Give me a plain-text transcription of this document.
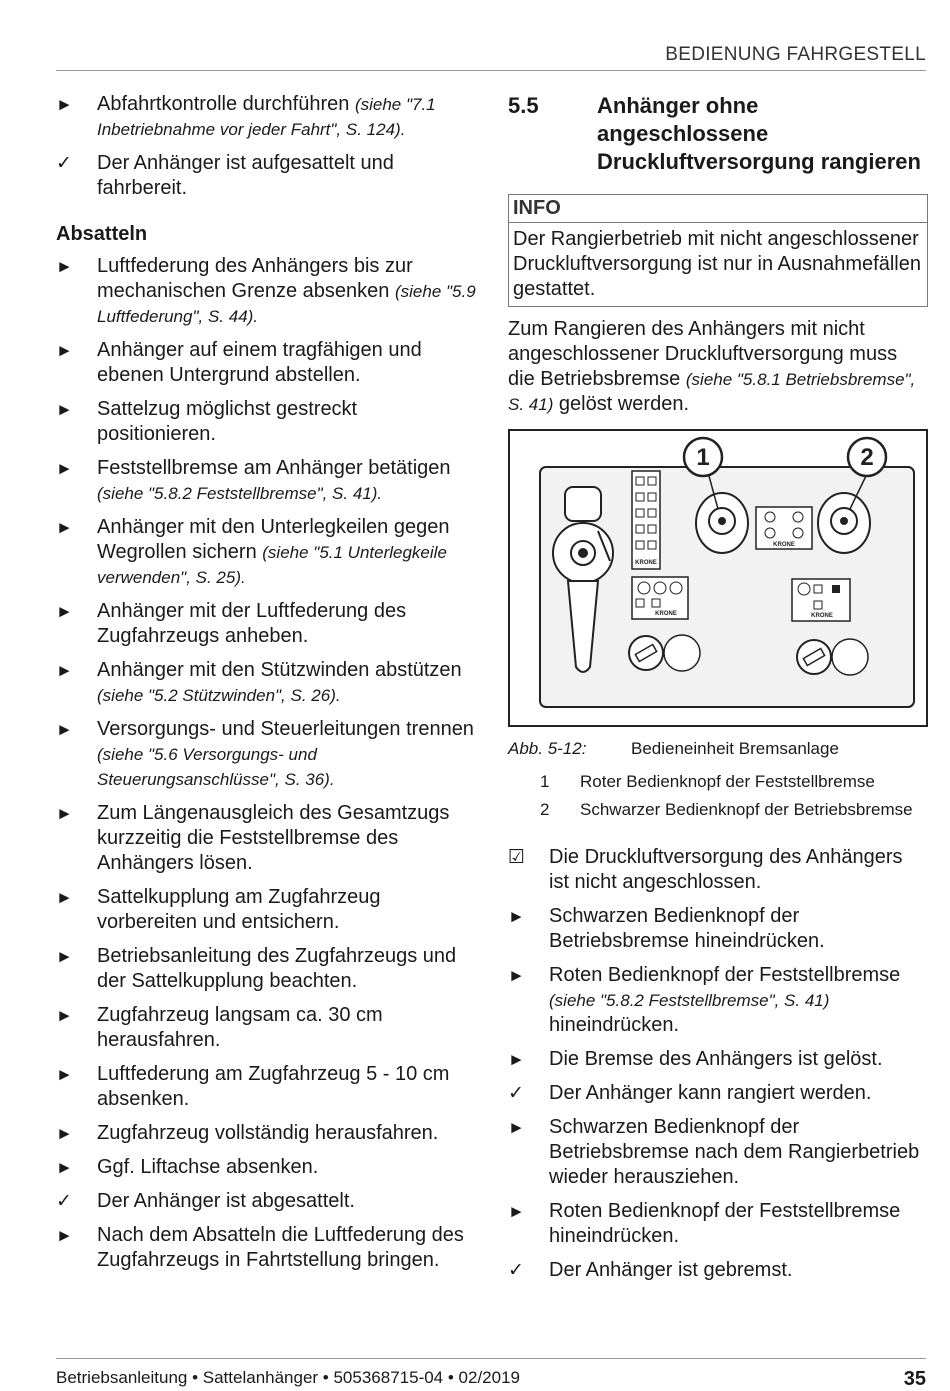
BEDIENUNG FAHRGESTELL
►	Abfahrtkontrolle durchführen (siehe "7.1 Inbetriebnahme vor jeder Fahrt", S. 124).
✓	Der Anhänger ist aufgesattelt und fahrbereit.
Absatteln
►	Luftfederung des Anhängers bis zur mechanischen Grenze absenken (siehe "5.9 Luftfederung", S. 44).
►	Anhänger auf einem tragfähigen und ebenen Untergrund abstellen.
►	Sattelzug möglichst gestreckt positionieren.
►	Feststellbremse am Anhänger betätigen (siehe "5.8.2 Feststellbremse", S. 41).
►	Anhänger mit den Unterlegkeilen gegen Wegrollen sichern (siehe "5.1 Unterlegkeile verwenden", S. 25).
►	Anhänger mit der Luftfederung des Zugfahrzeugs anheben.
►	Anhänger mit den Stützwinden abstützen (siehe "5.2 Stützwinden", S. 26).
►	Versorgungs- und Steuerleitungen trennen (siehe "5.6 Versorgungs- und Steuerungsanschlüsse", S. 36).
►	Zum Längenausgleich des Gesamtzugs kurzzeitig die Feststellbremse des Anhängers lösen.
►	Sattelkupplung am Zugfahrzeug vorbereiten und entsichern.
►	Betriebsanleitung des Zugfahrzeugs und der Sattelkupplung beachten.
►	Zugfahrzeug langsam ca. 30 cm herausfahren.
►	Luftfederung am Zugfahrzeug 5 - 10 cm absenken.
►	Zugfahrzeug vollständig herausfahren.
►	Ggf. Liftachse absenken.
✓	Der Anhänger ist abgesattelt.
►	Nach dem Absatteln die Luftfederung des Zugfahrzeugs in Fahrtstellung bringen.
5.5	Anhänger ohne angeschlossene Druckluftversorgung rangieren
INFO
Der Rangierbetrieb mit nicht angeschlossener Druckluftversorgung ist nur in Ausnahmefällen gestattet.
Zum Rangieren des Anhängers mit nicht angeschlossener Druckluftversorgung muss die Betriebsbremse (siehe "5.8.1 Betriebsbremse", S. 41) gelöst werden.
KRONE
KRONE
KRONE
KRONE
1	2
Abb. 5-12:	Bedieneinheit Bremsanlage
1	Roter Bedienknopf der Feststellbremse
2	Schwarzer Bedienknopf der Betriebsbremse
☑	Die Druckluftversorgung des Anhängers ist nicht angeschlossen.
►	Schwarzen Bedienknopf der Betriebsbremse hineindrücken.
►	Roten Bedienknopf der Feststellbremse (siehe "5.8.2 Feststellbremse", S. 41) hineindrücken.
►	Die Bremse des Anhängers ist gelöst.
✓	Der Anhänger kann rangiert werden.
►	Schwarzen Bedienknopf der Betriebsbremse nach dem Rangierbetrieb wieder herausziehen.
►	Roten Bedienknopf der Feststellbremse hineindrücken.
✓	Der Anhänger ist gebremst.
Betriebsanleitung • Sattelanhänger • 505368715-04 • 02/2019	35
